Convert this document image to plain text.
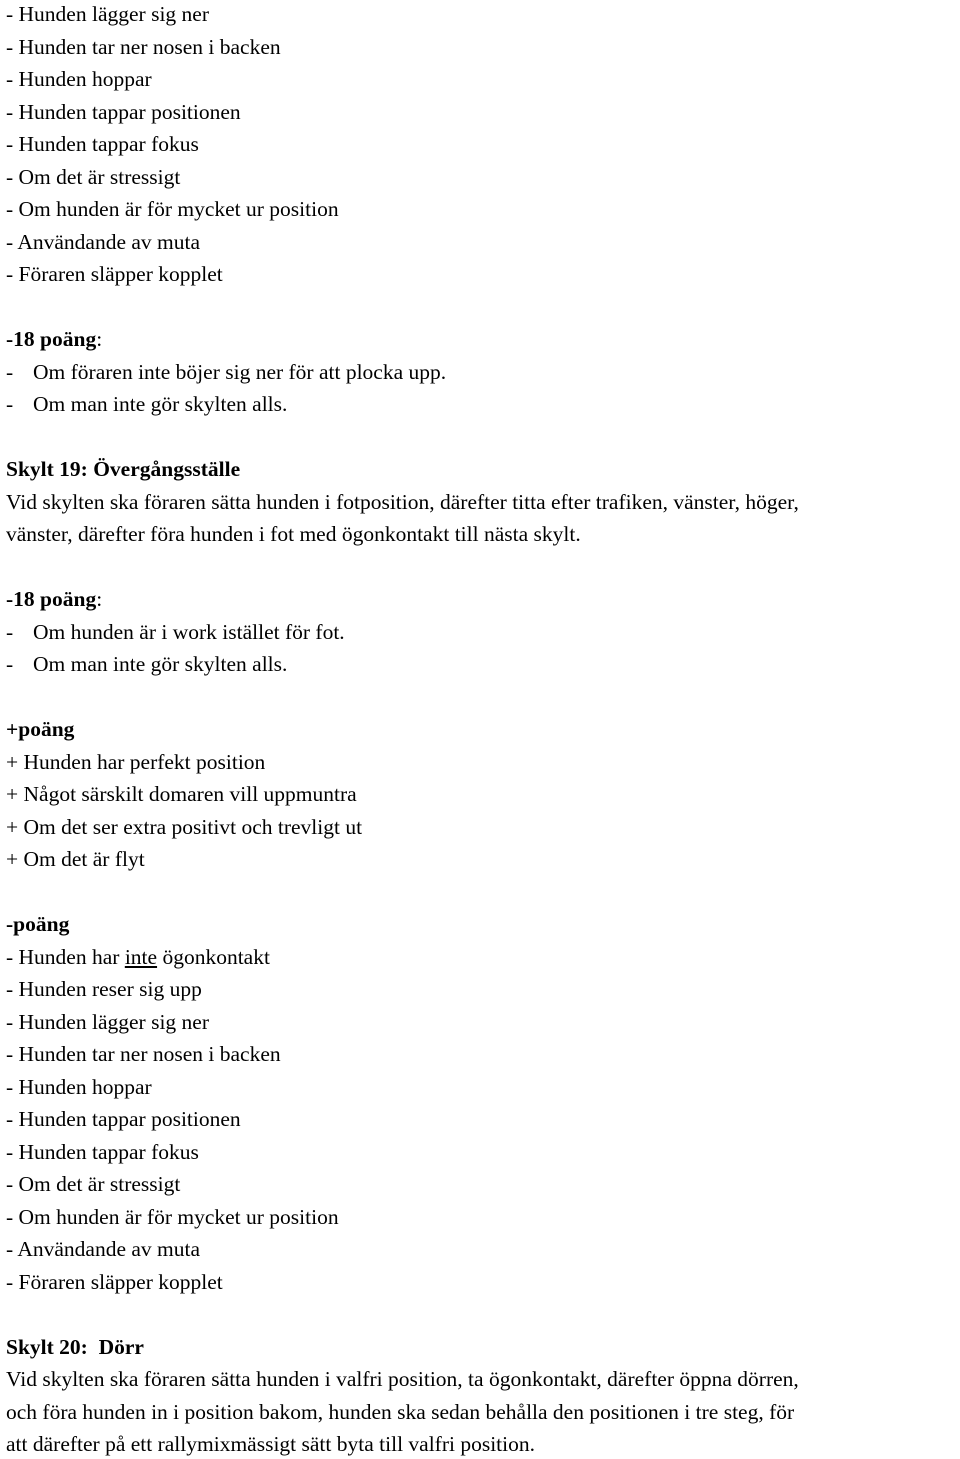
- Hunden lägger sig ner
- Hunden tar ner nosen i backen
- Hunden hoppar
- Hunden tappar positionen
- Hunden tappar fokus
- Om det är stressigt
- Om hunden är för mycket ur position
- Användande av muta
- Föraren släpper kopplet
-18 poäng:
- Om föraren inte böjer sig ner för att plocka upp.
- Om man inte gör skylten alls.
Skylt 19: Övergångsställe
Vid skylten ska föraren sätta hunden i fotposition, därefter titta efter trafiken, vänster, höger,
vänster, därefter föra hunden i fot med ögonkontakt till nästa skylt.
-18 poäng:
- Om hunden är i work istället för fot.
- Om man inte gör skylten alls.
+poäng
+ Hunden har perfekt position
+ Något särskilt domaren vill uppmuntra
+ Om det ser extra positivt och trevligt ut
+ Om det är flyt
-poäng
- Hunden har inte ögonkontakt
- Hunden reser sig upp
- Hunden lägger sig ner
- Hunden tar ner nosen i backen
- Hunden hoppar
- Hunden tappar positionen
- Hunden tappar fokus
- Om det är stressigt
- Om hunden är för mycket ur position
- Användande av muta
- Föraren släpper kopplet
Skylt 20:  Dörr
Vid skylten ska föraren sätta hunden i valfri position, ta ögonkontakt, därefter öppna dörren,
och föra hunden in i position bakom, hunden ska sedan behålla den positionen i tre steg, för
att därefter på ett rallymixmässigt sätt byta till valfri position.
